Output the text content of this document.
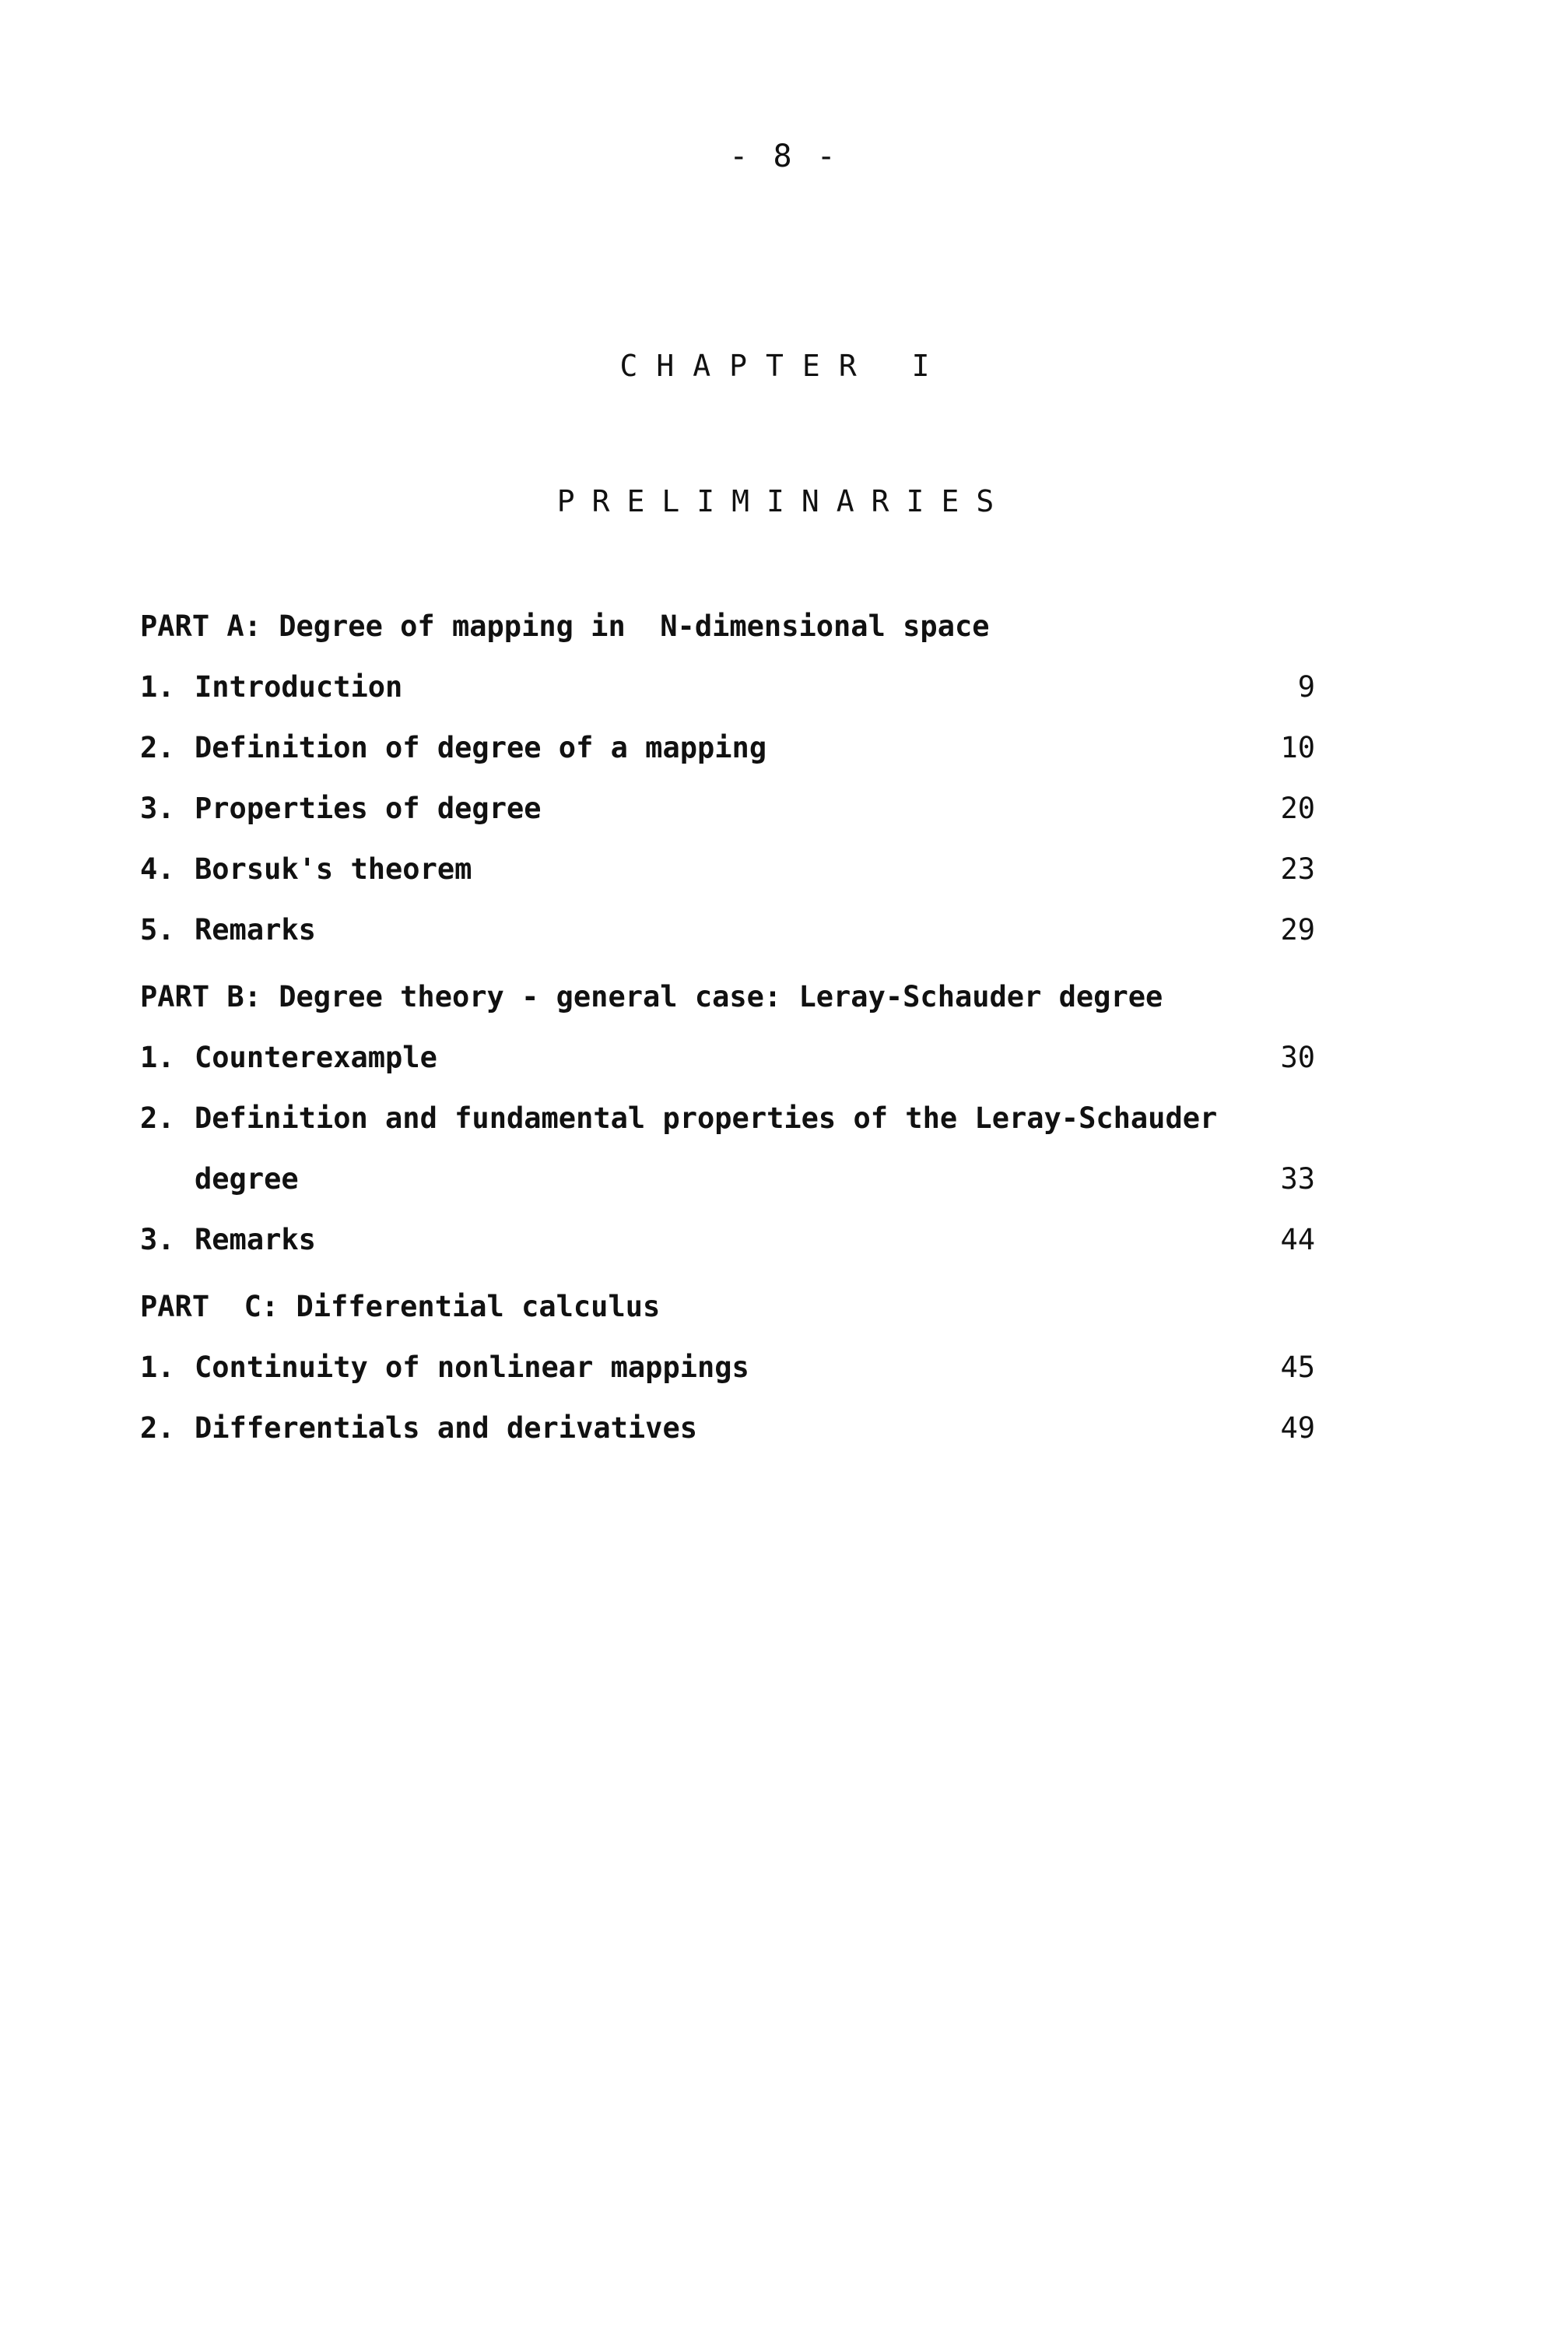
- 8 -
CHAPTER I
PRELIMINARIES
PART A: Degree of mapping in  N-dimensional space
1. Introduction	9
2. Definition of degree of a mapping	10
3. Properties of degree	20
4. Borsuk's theorem	23
5. Remarks	29
PART B: Degree theory - general case: Leray-Schauder degree
1. Counterexample	30
2. Definition and fundamental properties of the Leray-Schauder
degree	33
3. Remarks	44
PART  C: Differential calculus
1. Continuity of nonlinear mappings	45
2. Differentials and derivatives	49
